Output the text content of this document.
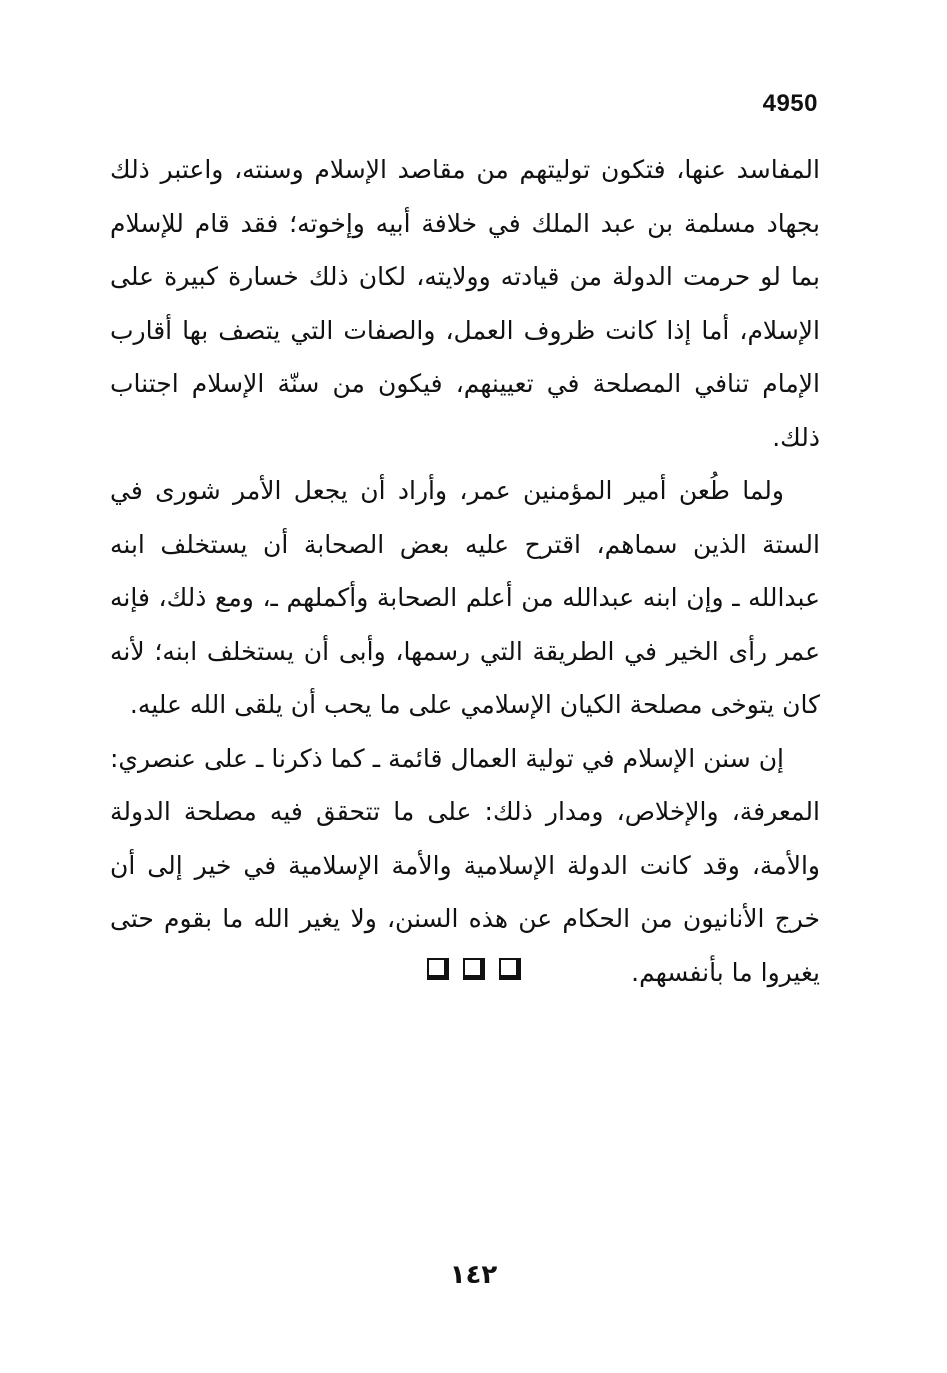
4950

المفاسد عنها، فتكون توليتهم من مقاصد الإسلام وسنته، واعتبر ذلك بجهاد مسلمة بن عبد الملك في خلافة أبيه وإخوته؛ فقد قام للإسلام بما لو حرمت الدولة من قيادته وولايته، لكان ذلك خسارة كبيرة على الإسلام، أما إذا كانت ظروف العمل، والصفات التي يتصف بها أقارب الإمام تنافي المصلحة في تعيينهم، فيكون من سنّة الإسلام اجتناب ذلك.

ولما طُعن أمير المؤمنين عمر، وأراد أن يجعل الأمر شورى في الستة الذين سماهم، اقترح عليه بعض الصحابة أن يستخلف ابنه عبدالله ـ وإن ابنه عبدالله من أعلم الصحابة وأكملهم ـ، ومع ذلك، فإنه عمر رأى الخير في الطريقة التي رسمها، وأبى أن يستخلف ابنه؛ لأنه كان يتوخى مصلحة الكيان الإسلامي على ما يحب أن يلقى الله عليه.

إن سنن الإسلام في تولية العمال قائمة ـ كما ذكرنا ـ على عنصري: المعرفة، والإخلاص، ومدار ذلك: على ما تتحقق فيه مصلحة الدولة والأمة، وقد كانت الدولة الإسلامية والأمة الإسلامية في خير إلى أن خرج الأنانيون من الحكام عن هذه السنن، ولا يغير الله ما بقوم حتى يغيروا ما بأنفسهم.

١٤٢
